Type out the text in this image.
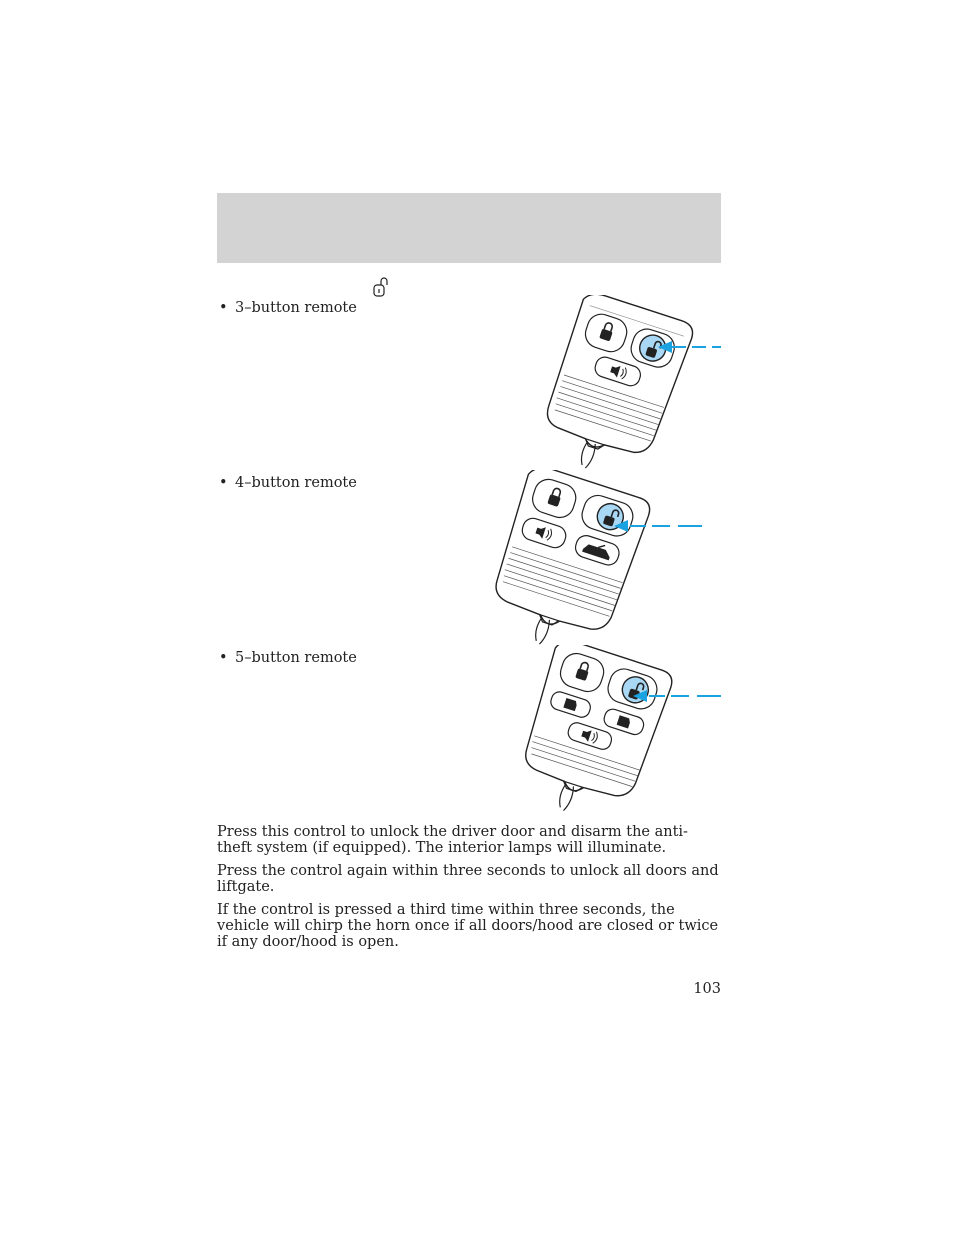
• 3–button remote
• 4–button remote
• 5–button remote

Press this control to unlock the driver door and disarm the anti-theft system (if equipped). The interior lamps will illuminate.

Press the control again within three seconds to unlock all doors and liftgate.

If the control is pressed a third time within three seconds, the vehicle will chirp the horn once if all doors/hood are closed or twice if any door/hood is open.

103
